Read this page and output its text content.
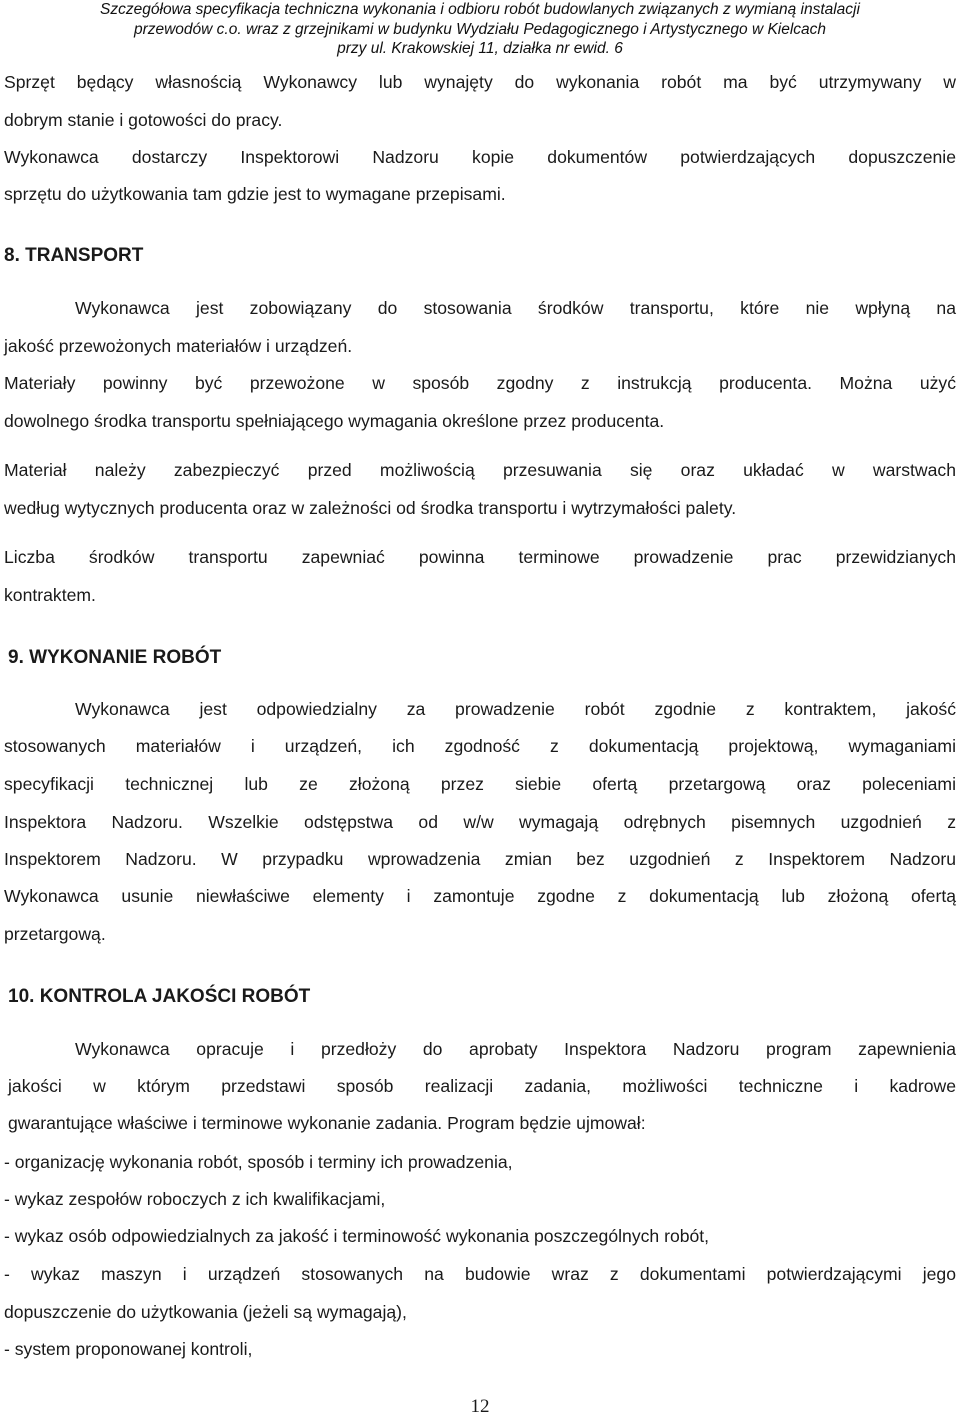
Szczegółowa specyfikacja techniczna wykonania i odbioru robót budowlanych związanych z wymianą instalacji
przewodów c.o. wraz z grzejnikami w budynku Wydziału Pedagogicznego i Artystycznego w Kielcach
przy ul. Krakowskiej 11, działka nr ewid. 6
Sprzęt będący własnością Wykonawcy lub wynajęty do wykonania robót ma być utrzymywany w
dobrym stanie i gotowości do pracy.
Wykonawca dostarczy Inspektorowi Nadzoru kopie dokumentów potwierdzających dopuszczenie
sprzętu do użytkowania tam gdzie jest to wymagane przepisami.
8. TRANSPORT
Wykonawca jest zobowiązany do stosowania środków transportu, które nie wpłyną na
jakość przewożonych materiałów i urządzeń.
Materiały powinny być przewożone w sposób zgodny z instrukcją producenta. Można użyć
dowolnego środka transportu spełniającego wymagania określone przez producenta.
Materiał należy zabezpieczyć przed możliwością przesuwania się oraz układać w warstwach
według wytycznych producenta oraz w zależności od środka transportu i wytrzymałości palety.
Liczba środków transportu zapewniać powinna terminowe prowadzenie prac przewidzianych
kontraktem.
9. WYKONANIE ROBÓT
Wykonawca jest odpowiedzialny za prowadzenie robót zgodnie z kontraktem, jakość
stosowanych materiałów i urządzeń, ich zgodność z dokumentacją projektową, wymaganiami
specyfikacji technicznej lub ze złożoną przez siebie ofertą przetargową oraz poleceniami
Inspektora Nadzoru. Wszelkie odstępstwa od w/w wymagają odrębnych pisemnych uzgodnień z
Inspektorem Nadzoru. W przypadku wprowadzenia zmian bez uzgodnień z Inspektorem Nadzoru
Wykonawca usunie niewłaściwe elementy i zamontuje zgodne z dokumentacją lub złożoną ofertą
przetargową.
10. KONTROLA JAKOŚCI ROBÓT
Wykonawca opracuje i przedłoży do aprobaty Inspektora Nadzoru program zapewnienia
jakości w którym przedstawi sposób realizacji zadania, możliwości techniczne i kadrowe
gwarantujące właściwe i terminowe wykonanie zadania. Program będzie ujmował:
- organizację wykonania robót, sposób i terminy ich prowadzenia,
- wykaz zespołów roboczych z ich kwalifikacjami,
- wykaz osób odpowiedzialnych za jakość i terminowość wykonania poszczególnych robót,
- wykaz maszyn i urządzeń stosowanych na budowie wraz z dokumentami potwierdzającymi jego
dopuszczenie do użytkowania (jeżeli są wymagają),
- system proponowanej kontroli,
12
